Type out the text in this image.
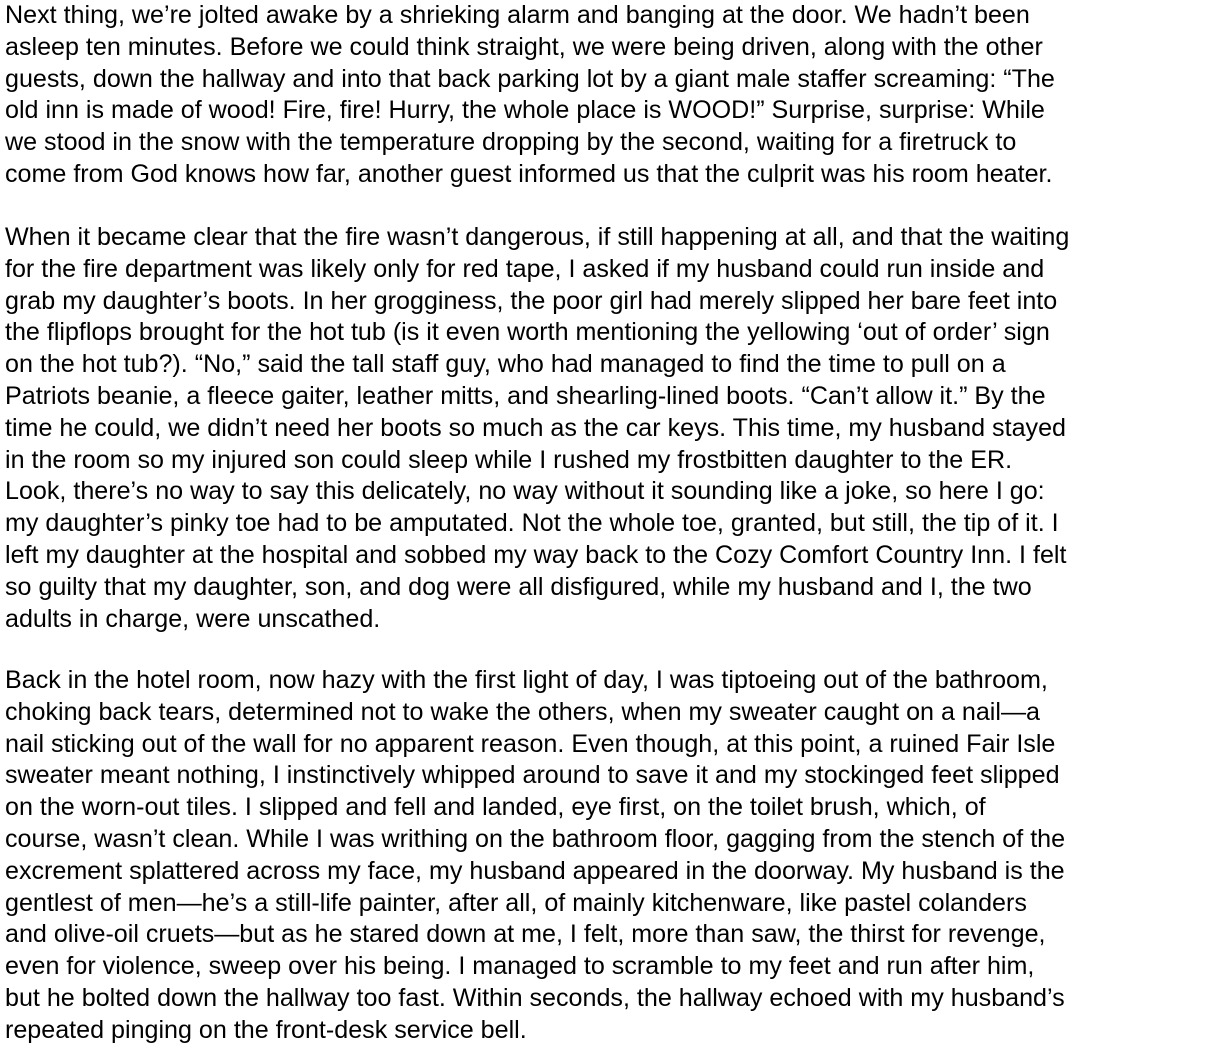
Next thing, we’re jolted awake by a shrieking alarm and banging at the door. We hadn’t been
asleep ten minutes. Before we could think straight, we were being driven, along with the other
guests, down the hallway and into that back parking lot by a giant male staffer screaming: “The
old inn is made of wood! Fire, fire! Hurry, the whole place is WOOD!” Surprise, surprise: While
we stood in the snow with the temperature dropping by the second, waiting for a firetruck to
come from God knows how far, another guest informed us that the culprit was his room heater.

When it became clear that the fire wasn’t dangerous, if still happening at all, and that the waiting
for the fire department was likely only for red tape, I asked if my husband could run inside and
grab my daughter’s boots. In her grogginess, the poor girl had merely slipped her bare feet into
the flipflops brought for the hot tub (is it even worth mentioning the yellowing ‘out of order’ sign
on the hot tub?). “No,” said the tall staff guy, who had managed to find the time to pull on a
Patriots beanie, a fleece gaiter, leather mitts, and shearling-lined boots. “Can’t allow it.” By the
time he could, we didn’t need her boots so much as the car keys. This time, my husband stayed
in the room so my injured son could sleep while I rushed my frostbitten daughter to the ER.
Look, there’s no way to say this delicately, no way without it sounding like a joke, so here I go:
my daughter’s pinky toe had to be amputated. Not the whole toe, granted, but still, the tip of it. I
left my daughter at the hospital and sobbed my way back to the Cozy Comfort Country Inn. I felt
so guilty that my daughter, son, and dog were all disfigured, while my husband and I, the two
adults in charge, were unscathed.

Back in the hotel room, now hazy with the first light of day, I was tiptoeing out of the bathroom,
choking back tears, determined not to wake the others, when my sweater caught on a nail—a
nail sticking out of the wall for no apparent reason. Even though, at this point, a ruined Fair Isle
sweater meant nothing, I instinctively whipped around to save it and my stockinged feet slipped
on the worn-out tiles. I slipped and fell and landed, eye first, on the toilet brush, which, of
course, wasn’t clean. While I was writhing on the bathroom floor, gagging from the stench of the
excrement splattered across my face, my husband appeared in the doorway. My husband is the
gentlest of men—he’s a still-life painter, after all, of mainly kitchenware, like pastel colanders
and olive-oil cruets—but as he stared down at me, I felt, more than saw, the thirst for revenge,
even for violence, sweep over his being. I managed to scramble to my feet and run after him,
but he bolted down the hallway too fast. Within seconds, the hallway echoed with my husband’s
repeated pinging on the front-desk service bell.
